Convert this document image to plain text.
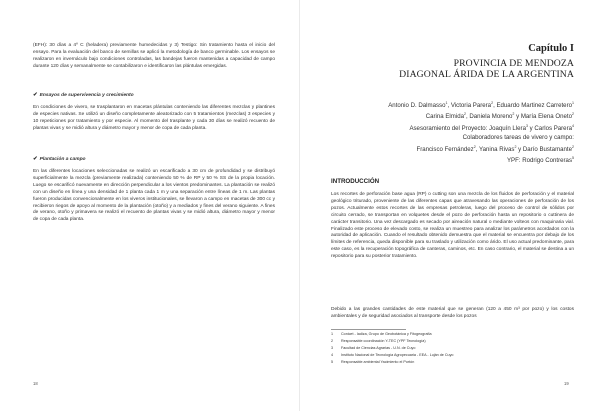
(EFH): 30 días a 4º C (heladera) previamente humedecidas y 3) Testigo: Sin tratamiento hasta el inicio del ensayo. Para la evaluación del banco de semillas se aplicó la metodología de banco germinable. Los ensayos se realizaron en invernáculo bajo condiciones controladas, las bandejas fueron mantenidas a capacidad de campo durante 120 días y semanalmente se contabilizaron e identificaron las plántulas emergidas.

✔ Ensayos de supervivencia y crecimiento

En condiciones de vivero, se trasplantaron en macetas plántulas conteniendo las diferentes mezclas y plantines de especies nativas. Se utilizó un diseño completamente aleatorizado con 5 tratamientos (mezclas) 3 especies y 10 repeticiones por tratamiento y por especie. Al momento del trasplante y cada 30 días se realizó recuento de plantas vivas y se midió altura y diámetro mayor y menor de copa de cada planta.

✔ Plantación a campo

En las diferentes locaciones seleccionadas se realizó un escarificado a 30 cm de profundidad y se distribuyó superficialmente la mezcla (previamente realizada) conteniendo 50 % de RP y 50 % SS de la propia locación. Luego se escarificó nuevamente en dirección perpendicular a los vientos predominantes. La plantación se realizó con un diseño en línea y una densidad de 1 planta cada 1 m y una separación entre líneas de 1 m. Las plantas fueron producidas convencionalmente en los viveros institucionales, se llevaron a campo en macetas de 300 cc y recibieron riegos de apoyo al momento de la plantación (otoño) y a mediados y fines del verano siguiente. A fines de verano, otoño y primavera se realizó el recuento de plantas vivas y se midió altura, diámetro mayor y menor de copa de cada planta.

18
Capítulo I
PROVINCIA DE MENDOZA
DIAGONAL ÁRIDA DE LA ARGENTINA
Antonio D. Dalmasso$^1$, Victoria Parera$^2$, Eduardo Martinez Carretero$^1$
Carina Elmida$^2$, Daniela Moreno$^2$ y María Elena Oneto$^2$
Asesoramiento del Proyecto: Joaquín Llera$^3$ y Carlos Parera$^4$
Colaboradores tareas de vivero y campo:
Francisco Fernández$^2$, Yanina Rivas$^2$ y Darío Bustamante$^2$
YPF: Rodrigo Contreras$^5$
INTRODUCCIÓN

Los recortes de perforación base agua (RP) o cutting son una mezcla de los fluidos de perforación y el material geológico triturado, proveniente de las diferentes capas que atravesando las operaciones de perforación de los pozos. Actualmente estos recortes de las empresas petroleras, luego del proceso de control de sólidos por circuito cerrado, se transportan en volquetes desde el pozo de perforación hasta un repositorio o cuttinera de carácter transitorio. Una vez descargado es secado por aireación natural o mediante volteos con maquinaria vial. Finalizado este proceso de elevado costo, se realiza un muestreo para analizar los parámetros acordados con la autoridad de aplicación. Cuando el resultado obtenido demuestra que el material se encuentra por debajo de los límites de referencia, queda disponible para su traslado y utilización como árido. El uso actual predominante, para este caso, es la recuperación topográfica de canteras, caminos, etc. En caso contrario, el material se destina a un repositorio para su posterior tratamiento.

Debido a las grandes cantidades de este material que se generan (120 a 450 m³ por pozo) y los costos ambientales y de seguridad asociados al transporte desde los pozos

1	Conicet - Iadiza, Grupo de Geobotánica y Fitogeografía
2	Responsable coordinación Y-TEC (YPF Tecnología)
3	Facultad de Ciencias Agrarias - U.N. de Cuyo
4	Instituto Nacional de Tecnología Agropecuaria - EEA - Luján de Cuyo
5	Responsable ambiental Yacimiento el Portón
19
